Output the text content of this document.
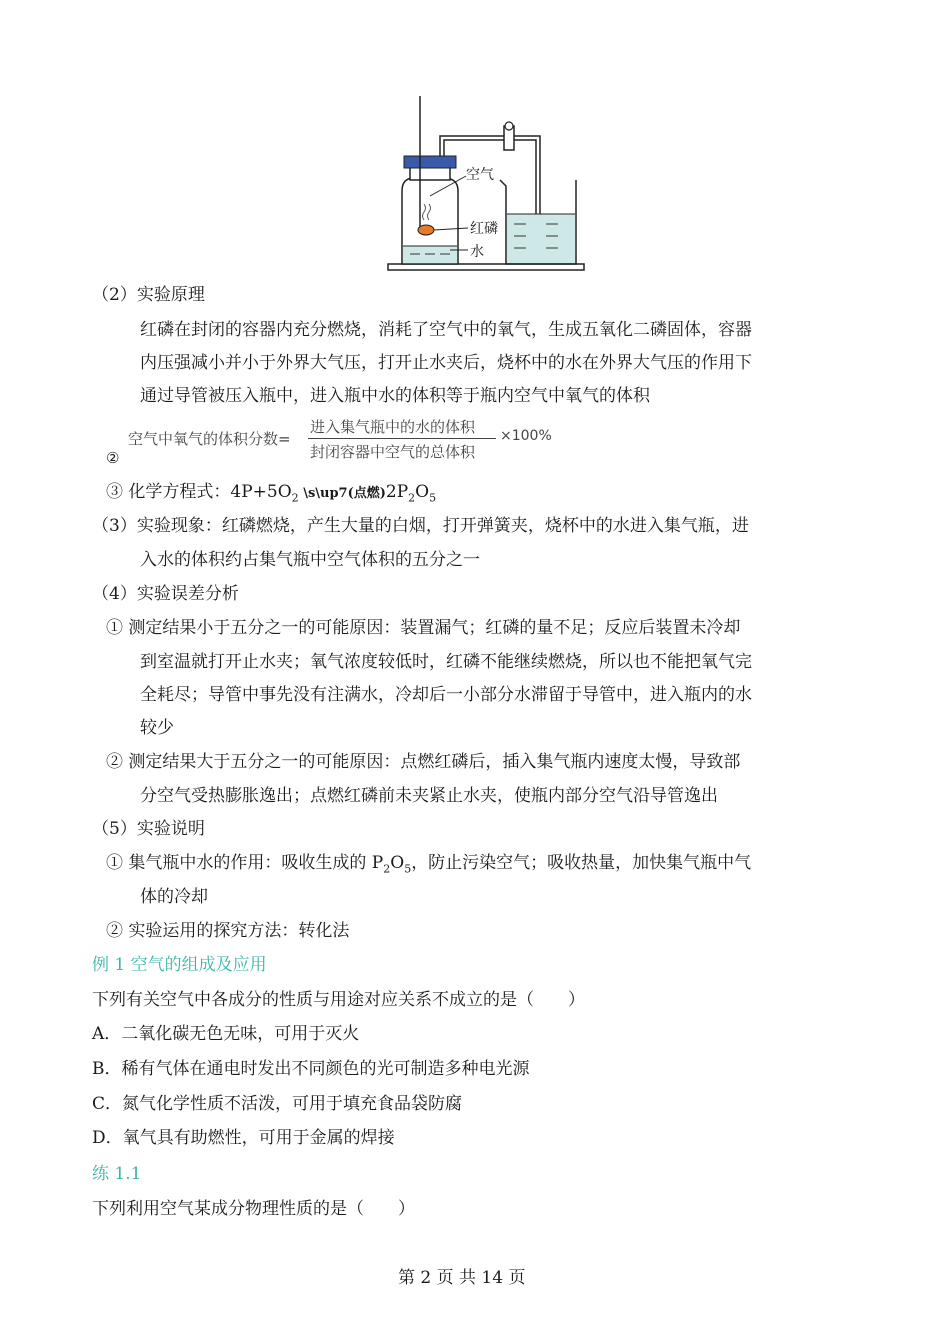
空气
红磷
水
（2）实验原理
红磷在封闭的容器内充分燃烧，消耗了空气中的氧气，生成五氧化二磷固体，容器
内压强减小并小于外界大气压，打开止水夹后，烧杯中的水在外界大气压的作用下
通过导管被压入瓶中，进入瓶中水的体积等于瓶内空气中氧气的体积
空气中氧气的体积分数=
进入集气瓶中的水的体积
封闭容器中空气的总体积
×100%
②
③ 化学方程式：$4P+5O_2$ \s\up7(点燃)$2P_2O_5$
（3）实验现象：红磷燃烧，产生大量的白烟，打开弹簧夹，烧杯中的水进入集气瓶，进
入水的体积约占集气瓶中空气体积的五分之一
（4）实验误差分析
① 测定结果小于五分之一的可能原因：装置漏气；红磷的量不足；反应后装置未冷却
到室温就打开止水夹；氧气浓度较低时，红磷不能继续燃烧，所以也不能把氧气完
全耗尽；导管中事先没有注满水，冷却后一小部分水滞留于导管中，进入瓶内的水
较少
② 测定结果大于五分之一的可能原因：点燃红磷后，插入集气瓶内速度太慢，导致部
分空气受热膨胀逸出；点燃红磷前未夹紧止水夹，使瓶内部分空气沿导管逸出
（5）实验说明
① 集气瓶中水的作用：吸收生成的 $P_2O_5$，防止污染空气；吸收热量，加快集气瓶中气
体的冷却
② 实验运用的探究方法：转化法
例 1 空气的组成及应用
下列有关空气中各成分的性质与用途对应关系不成立的是（　　）
A．二氧化碳无色无味，可用于灭火
B．稀有气体在通电时发出不同颜色的光可制造多种电光源
C．氮气化学性质不活泼，可用于填充食品袋防腐
D．氧气具有助燃性，可用于金属的焊接
练 1.1
下列利用空气某成分物理性质的是（　　）
第 2 页 共 14 页
